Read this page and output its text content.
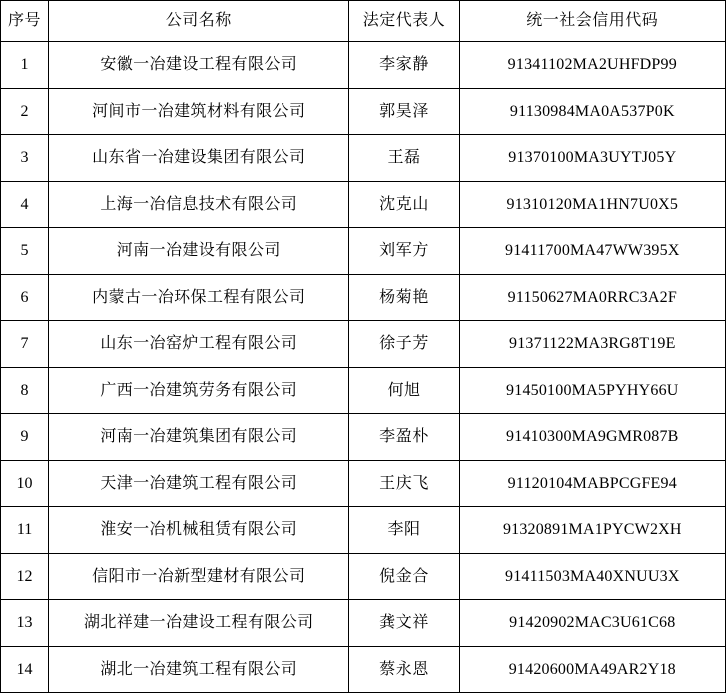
序号	公司名称	法定代表人	统一社会信用代码
1	安徽一冶建设工程有限公司	李家静	91341102MA2UHFDP99
2	河间市一冶建筑材料有限公司	郭昊泽	91130984MA0A537P0K
3	山东省一冶建设集团有限公司	王磊	91370100MA3UYTJ05Y
4	上海一冶信息技术有限公司	沈克山	91310120MA1HN7U0X5
5	河南一冶建设有限公司	刘军方	91411700MA47WW395X
6	内蒙古一冶环保工程有限公司	杨菊艳	91150627MA0RRC3A2F
7	山东一冶窑炉工程有限公司	徐子芳	91371122MA3RG8T19E
8	广西一冶建筑劳务有限公司	何旭	91450100MA5PYHY66U
9	河南一冶建筑集团有限公司	李盈朴	91410300MA9GMR087B
10	天津一冶建筑工程有限公司	王庆飞	91120104MABPCGFE94
11	淮安一冶机械租赁有限公司	李阳	91320891MA1PYCW2XH
12	信阳市一冶新型建材有限公司	倪金合	91411503MA40XNUU3X
13	湖北祥建一冶建设工程有限公司	龚文祥	91420902MAC3U61C68
14	湖北一冶建筑工程有限公司	蔡永恩	91420600MA49AR2Y18
